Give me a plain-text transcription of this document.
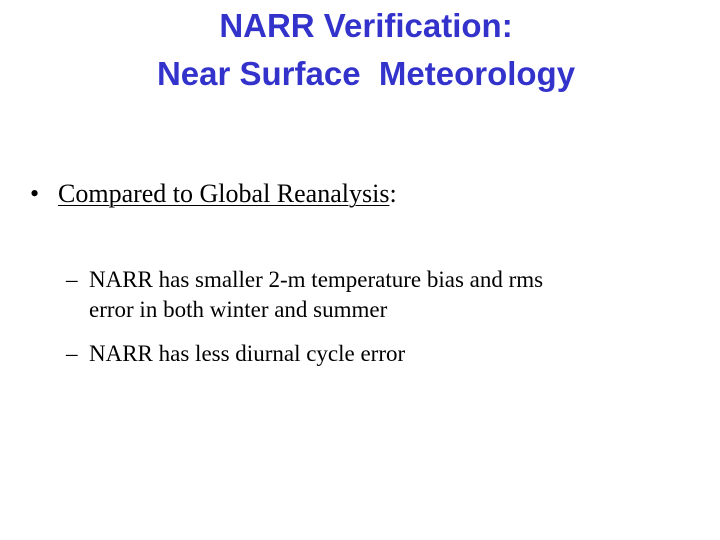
NARR Verification:
Near Surface  Meteorology
• Compared to Global Reanalysis:
– NARR has smaller 2-m temperature bias and rms
error in both winter and summer
– NARR has less diurnal cycle error
